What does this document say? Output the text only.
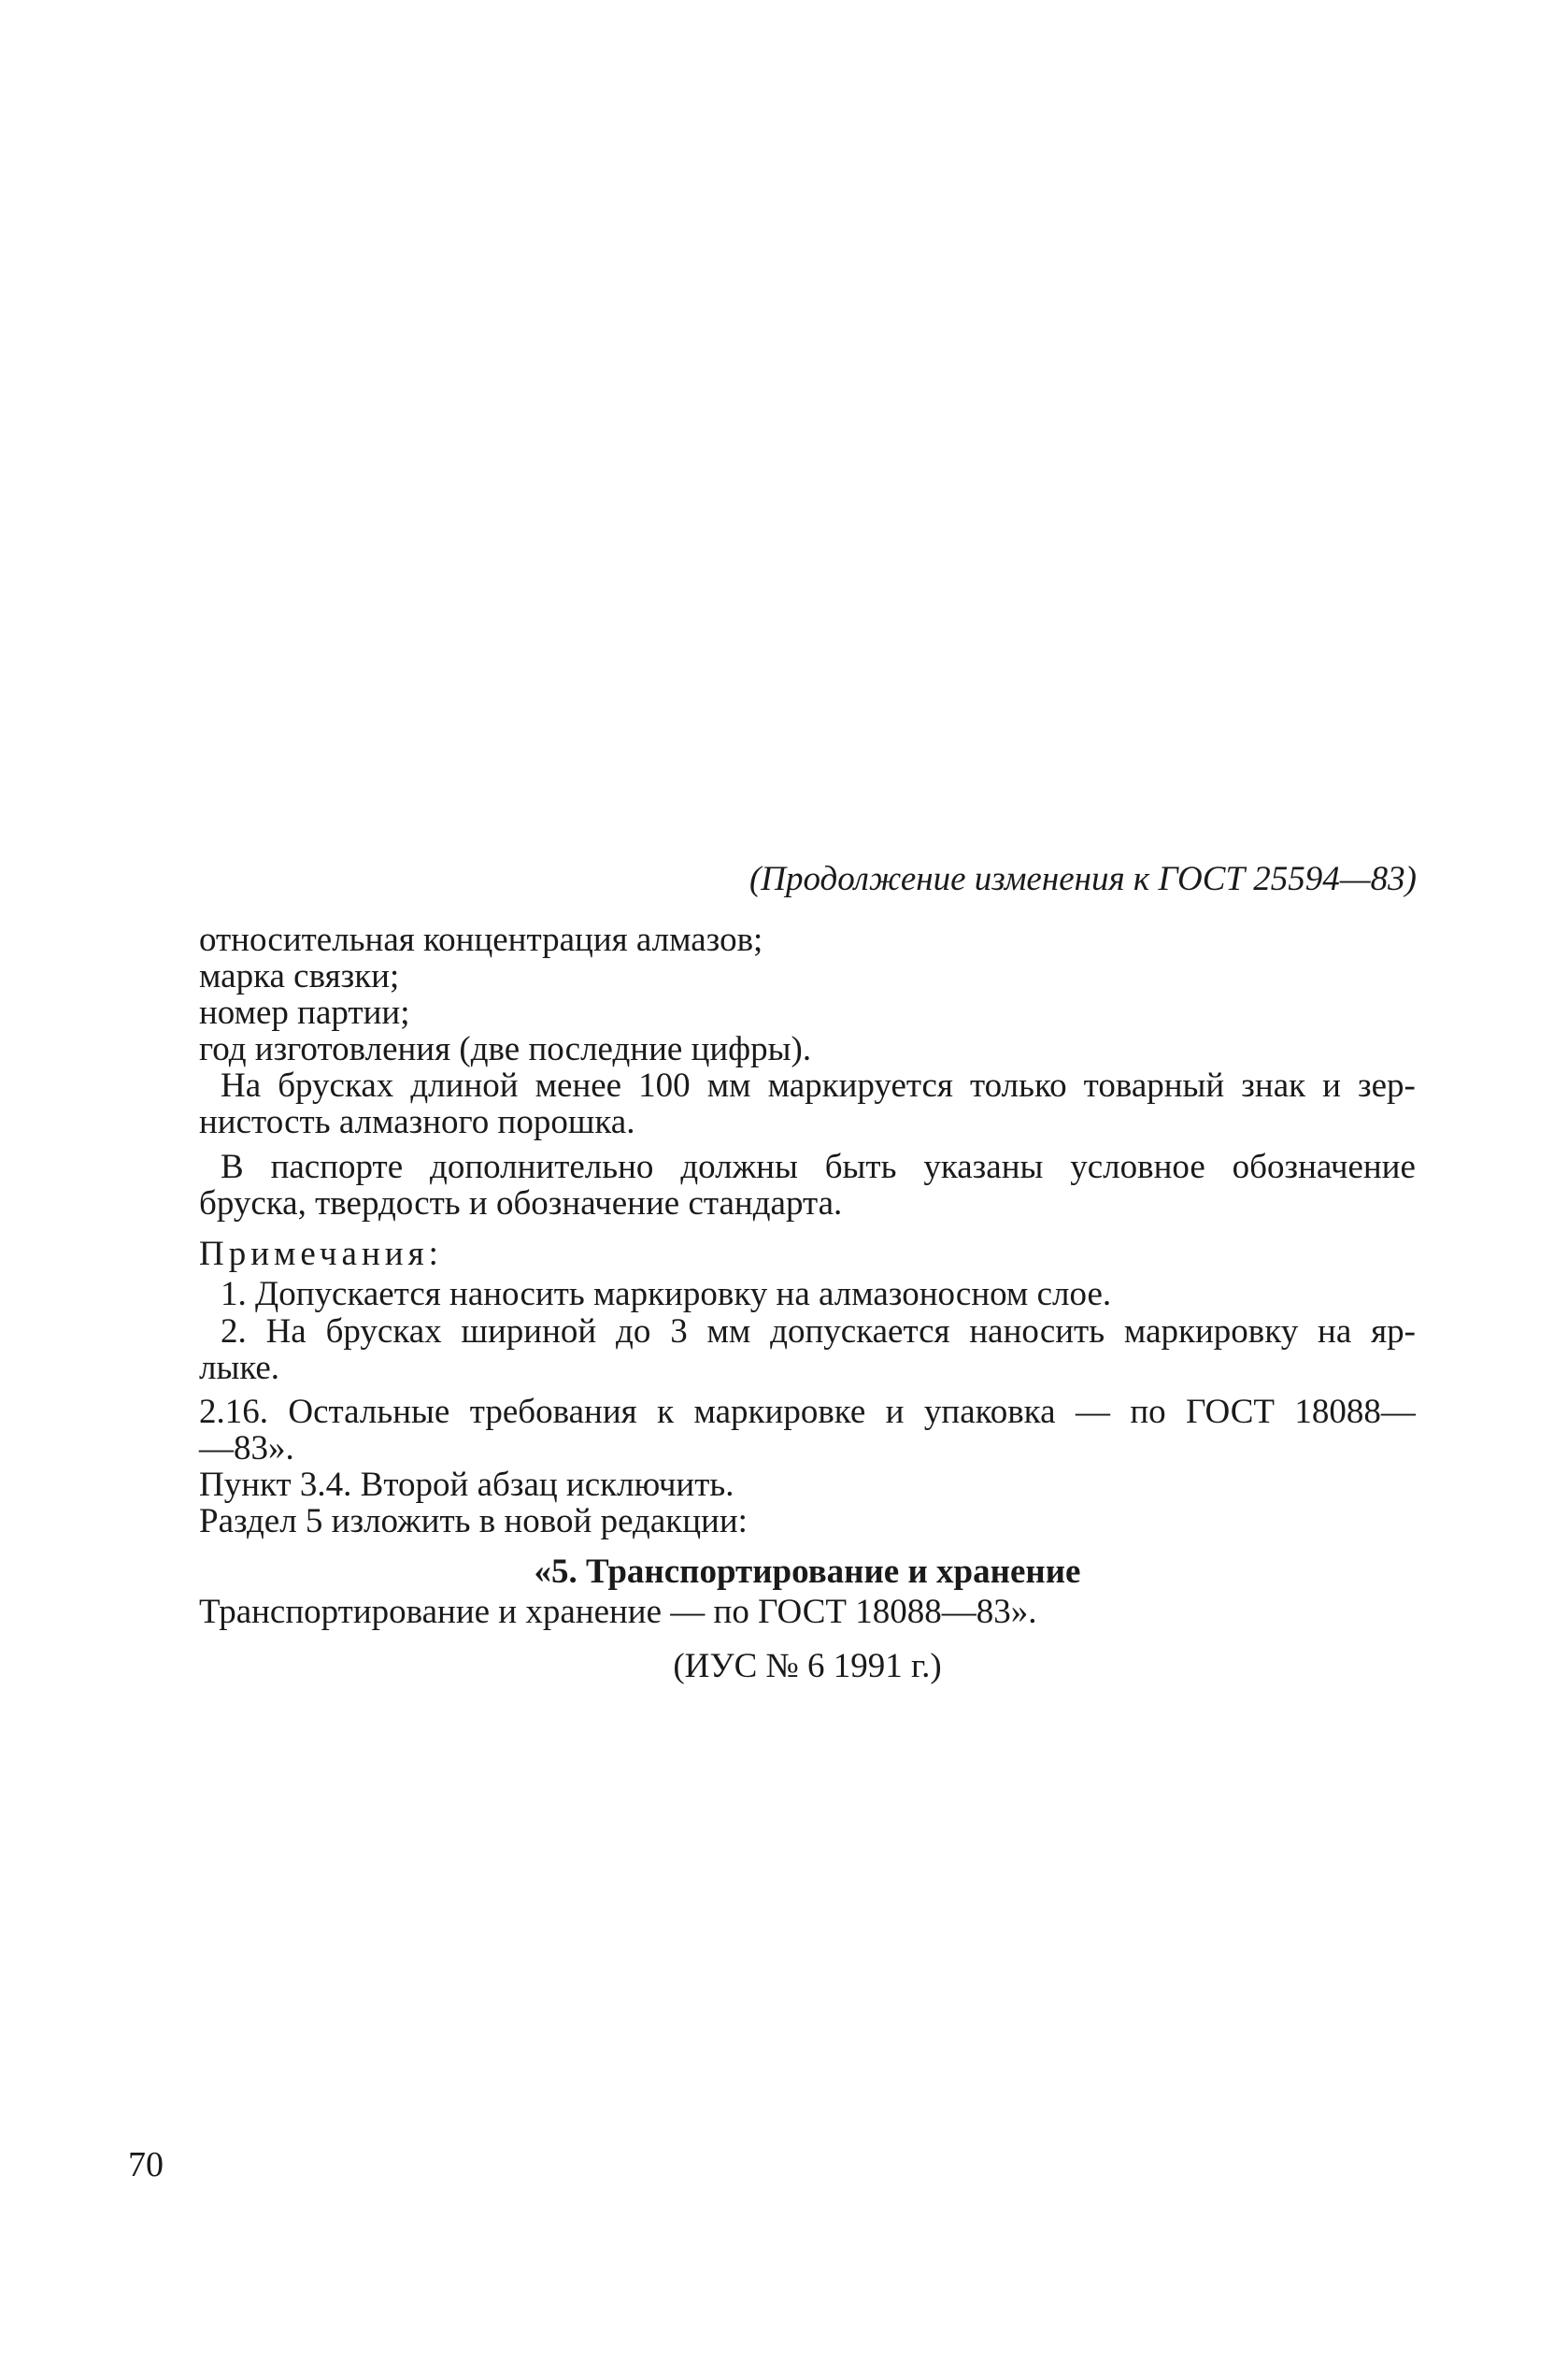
(Продолжение изменения к ГОСТ 25594—83)
относительная концентрация алмазов;
марка связки;
номер партии;
год изготовления (две последние цифры).
На брусках длиной менее 100 мм маркируется только товарный знак и зер-
нистость алмазного порошка.
В паспорте дополнительно должны быть указаны условное обозначение
бруска, твердость и обозначение стандарта.
Примечания:
1. Допускается наносить маркировку на алмазоносном слое.
2. На брусках шириной до 3 мм допускается наносить маркировку на яр-
лыке.
2.16. Остальные требования к маркировке и упаковка — по ГОСТ 18088—
—83».
Пункт 3.4. Второй абзац исключить.
Раздел 5 изложить в новой редакции:
«5. Транспортирование и хранение
Транспортирование и хранение — по ГОСТ 18088—83».
(ИУС № 6 1991 г.)
70
